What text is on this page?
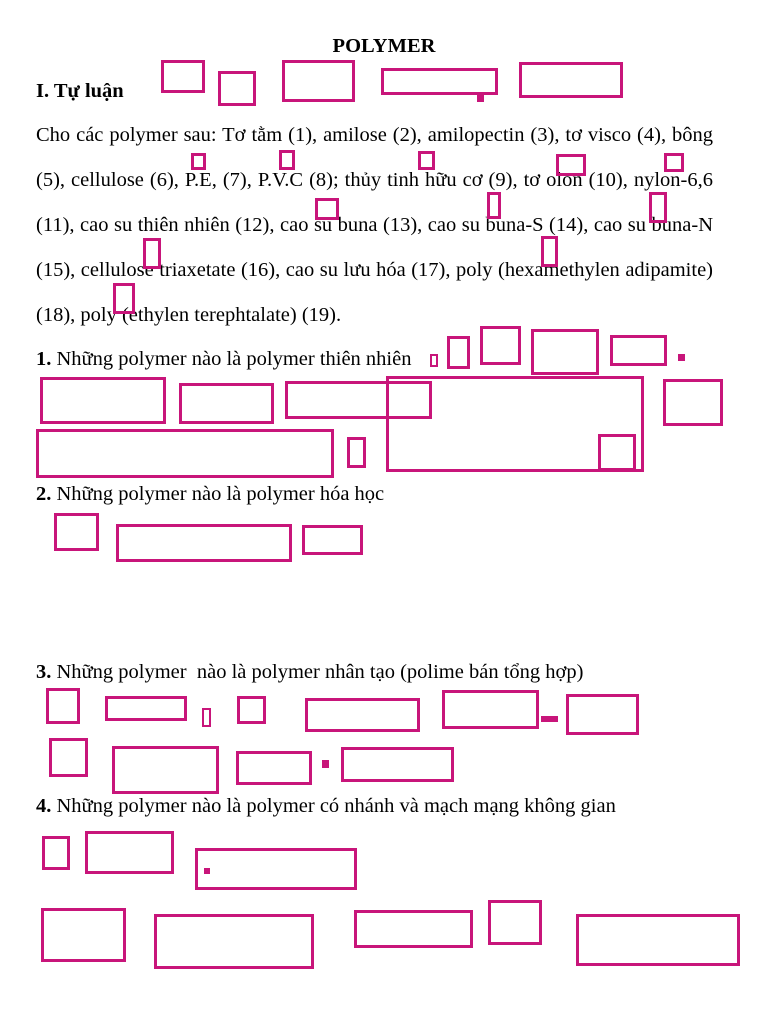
POLYMER
I. Tự luận
Cho các polymer sau: Tơ tằm (1), amilose (2), amilopectin (3), tơ visco (4), bông
(5), cellulose (6), P.E, (7), P.V.C (8); thủy tinh hữu cơ (9), tơ olon (10), nylon-6,6
(11), cao su thiên nhiên (12), cao su buna (13), cao su buna-S (14), cao su buna-N
(15), cellulose triaxetate (16), cao su lưu hóa (17), poly (hexamethylen adipamite)
(18), poly (ethylen terephtalate) (19).
1. Những polymer nào là polymer thiên nhiên
2. Những polymer nào là polymer hóa học
3. Những polymer  nào là polymer nhân tạo (polime bán tổng hợp)
4. Những polymer nào là polymer có nhánh và mạch mạng không gian
